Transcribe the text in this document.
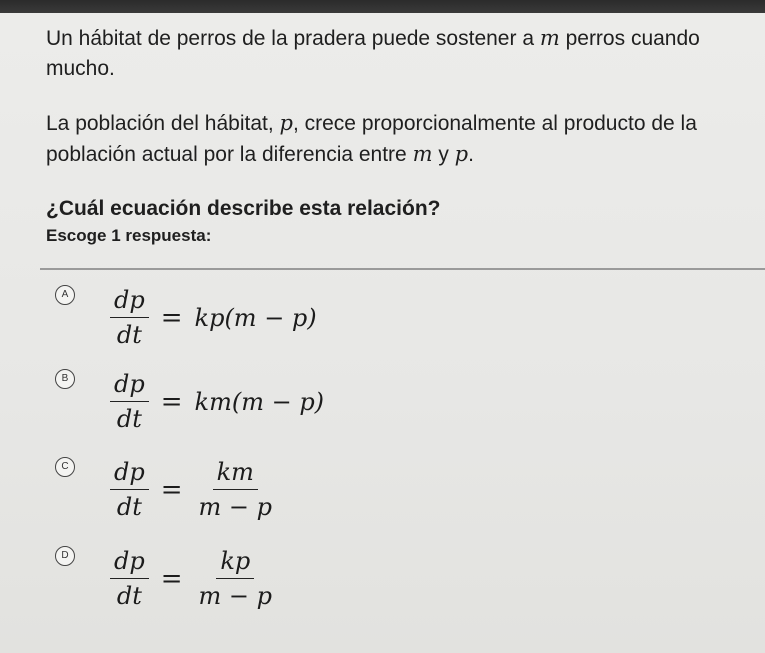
Un hábitat de perros de la pradera puede sostener a m perros cuando mucho.

La población del hábitat, p, crece proporcionalmente al producto de la población actual por la diferencia entre m y p.

¿Cuál ecuación describe esta relación?

Escoge 1 respuesta:
A $\frac{dp}{dt} = kp(m - p)$
B $\frac{dp}{dt} = km(m - p)$
C $\frac{dp}{dt} = \frac{km}{m - p}$
D $\frac{dp}{dt} = \frac{kp}{m - p}$
